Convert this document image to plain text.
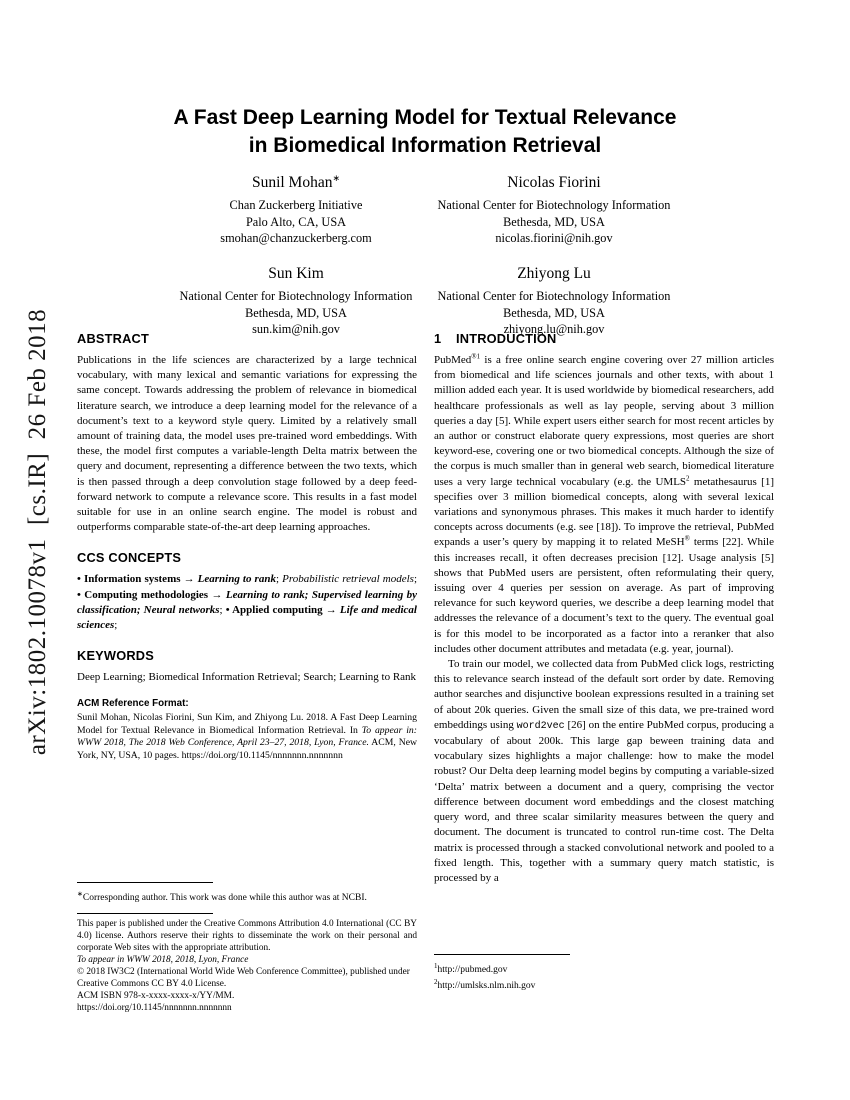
arXiv:1802.10078v1  [cs.IR]  26 Feb 2018
A Fast Deep Learning Model for Textual Relevance
in Biomedical Information Retrieval
Sunil Mohan∗
Chan Zuckerberg Initiative
Palo Alto, CA, USA
smohan@chanzuckerberg.com
Nicolas Fiorini
National Center for Biotechnology Information
Bethesda, MD, USA
nicolas.fiorini@nih.gov
Sun Kim
National Center for Biotechnology Information
Bethesda, MD, USA
sun.kim@nih.gov
Zhiyong Lu
National Center for Biotechnology Information
Bethesda, MD, USA
zhiyong.lu@nih.gov
ABSTRACT

Publications in the life sciences are characterized by a large technical vocabulary, with many lexical and semantic variations for expressing the same concept. Towards addressing the problem of relevance in biomedical literature search, we introduce a deep learning model for the relevance of a document’s text to a keyword style query. Limited by a relatively small amount of training data, the model uses pre-trained word embeddings. With these, the model first computes a variable-length Delta matrix between the query and document, representing a difference between the two texts, which is then passed through a deep convolution stage followed by a deep feed-forward network to compute a relevance score. This results in a fast model suitable for use in an online search engine. The model is robust and outperforms comparable state-of-the-art deep learning approaches.

CCS CONCEPTS

• Information systems → Learning to rank; Probabilistic retrieval models; • Computing methodologies → Learning to rank; Supervised learning by classification; Neural networks; • Applied computing → Life and medical sciences;

KEYWORDS

Deep Learning; Biomedical Information Retrieval; Search; Learning to Rank

ACM Reference Format:

Sunil Mohan, Nicolas Fiorini, Sun Kim, and Zhiyong Lu. 2018. A Fast Deep Learning Model for Textual Relevance in Biomedical Information Retrieval. In To appear in: WWW 2018, The 2018 Web Conference, April 23–27, 2018, Lyon, France. ACM, New York, NY, USA, 10 pages. https://doi.org/10.1145/nnnnnnn.nnnnnnn

1 INTRODUCTION

PubMed$^{®1}$ is a free online search engine covering over 27 million articles from biomedical and life sciences journals and other texts, with about 1 million added each year. It is used worldwide by biomedical researchers, add healthcare professionals as well as lay people, serving about 3 million queries a day [5]. While expert users either search for most recent articles by an author or construct elaborate query expressions, most queries are short keyword-ese, covering one or two biomedical concepts. Although the size of the corpus is much smaller than in general web search, biomedical literature uses a very large technical vocabulary (e.g. the UMLS$^2$ metathesaurus [1] specifies over 3 million biomedical concepts, along with several lexical variations and synonymous phrases. This makes it much harder to identify concepts across documents (e.g. see [18]). To improve the retrieval, PubMed expands a user’s query by mapping it to related MeSH® terms [22]. While this increases recall, it often decreases precision [12]. Usage analysis [5] shows that PubMed users are persistent, often reformulating their query, issuing over 4 queries per session on average. As part of improving relevance for such keyword queries, we describe a deep learning model that addresses the relevance of a document’s text to the query. The eventual goal is for this model to be incorporated as a factor into a reranker that also includes other document attributes and metadata (e.g. year, journal).

To train our model, we collected data from PubMed click logs, restricting this to relevance search instead of the default sort order by date. Removing author searches and disjunctive boolean expressions resulted in a training set of about 20k queries. Given the small size of this data, we pre-trained word embeddings using word2vec [26] on the entire PubMed corpus, producing a vocabulary of about 200k. This large gap beween training data and vocabulary sizes highlights a major challenge: how to make the model robust? Our Delta deep learning model begins by computing a variable-sized ‘Delta’ matrix between a document and a query, comprising the vector difference between document word embeddings and the closest matching query word, and three scalar similarity measures between the query and document. The document is truncated to control run-time cost. The Delta matrix is processed through a stacked convolutional network and pooled to a fixed length. This, together with a summary query match statistic, is processed by a

∗Corresponding author. This work was done while this author was at NCBI.

This paper is published under the Creative Commons Attribution 4.0 International (CC BY 4.0) license. Authors reserve their rights to disseminate the work on their personal and corporate Web sites with the appropriate attribution.

To appear in WWW 2018, 2018, Lyon, France

© 2018 IW3C2 (International World Wide Web Conference Committee), published under Creative Commons CC BY 4.0 License.

ACM ISBN 978-x-xxxx-xxxx-x/YY/MM.

https://doi.org/10.1145/nnnnnnn.nnnnnnn

$^1$http://pubmed.gov

$^2$http://umlsks.nlm.nih.gov
